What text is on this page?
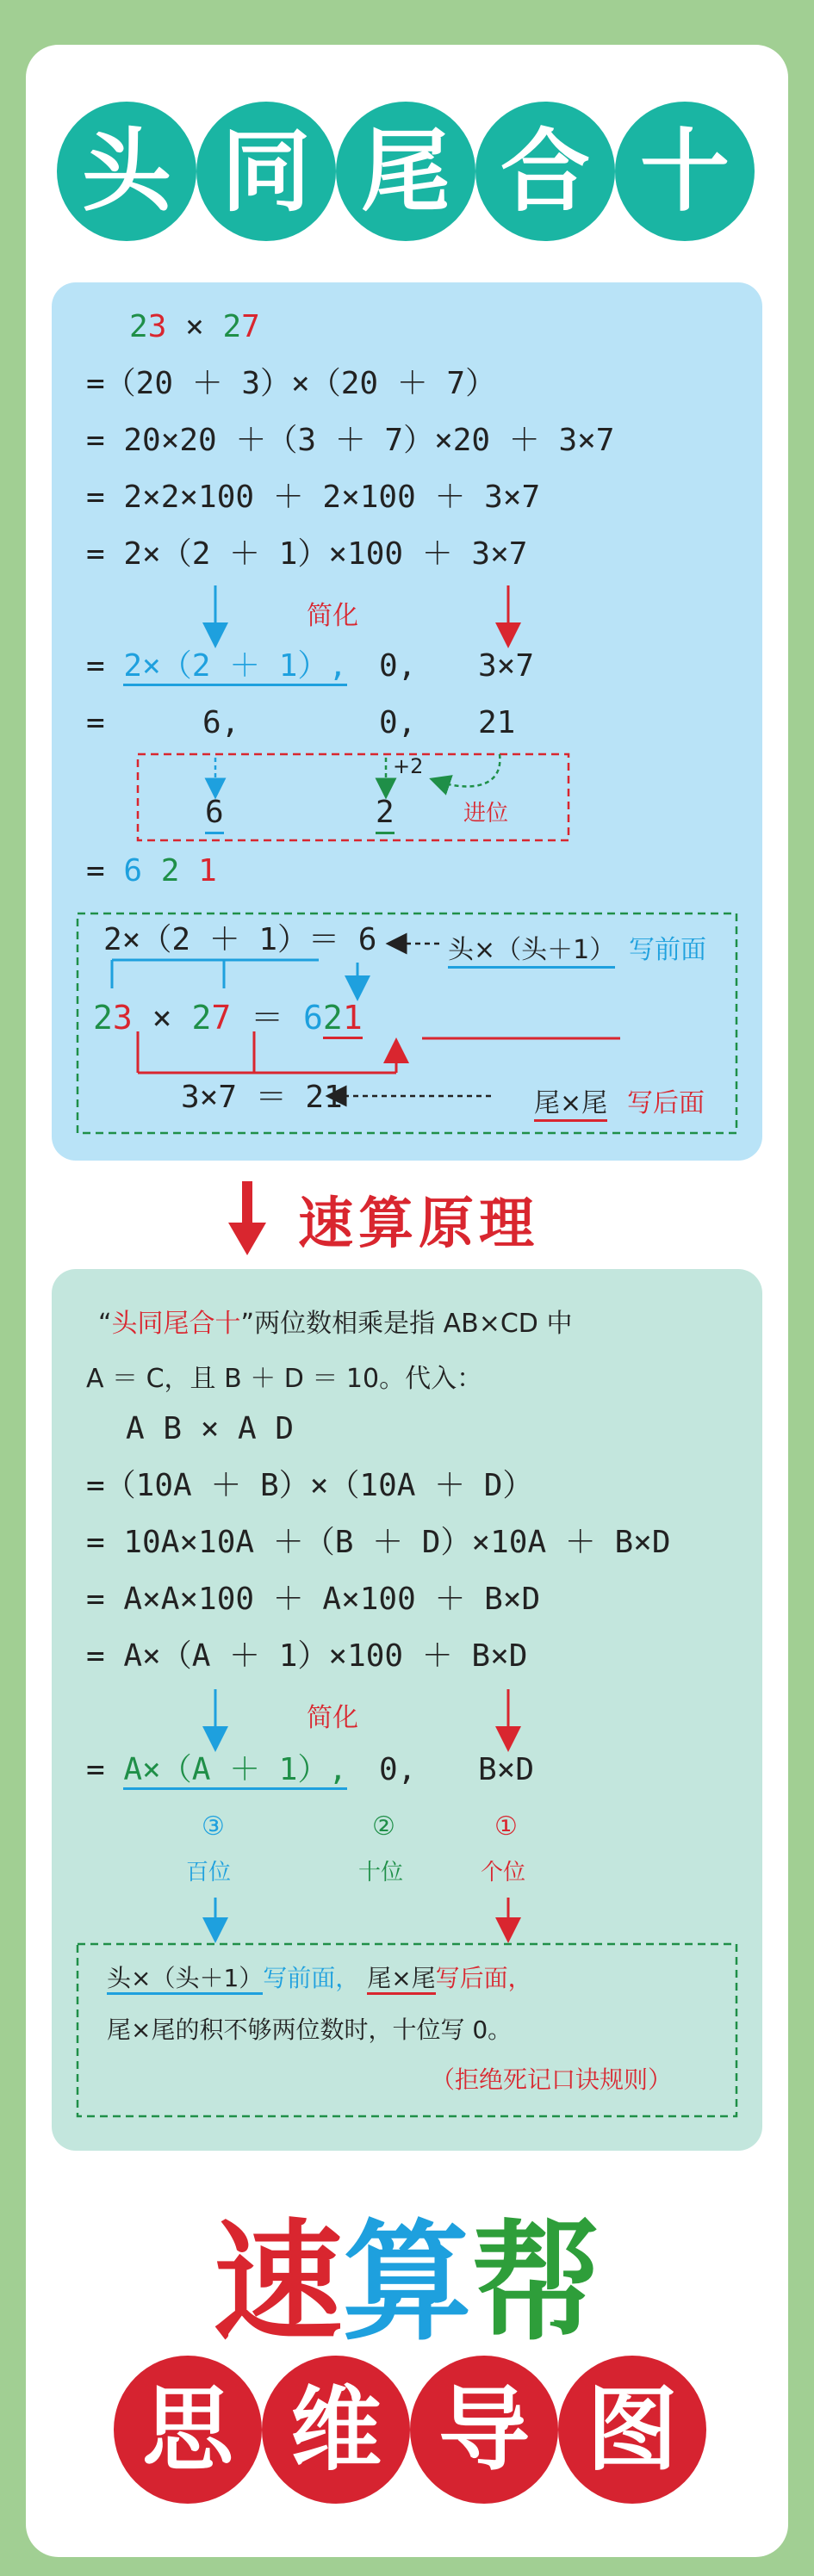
头 同 尾 合 十
23 × 27
=（20 ＋ 3）×（20 ＋ 7）
= 20×20 ＋（3 ＋ 7）×20 ＋ 3×7
= 2×2×100 ＋ 2×100 ＋ 3×7
= 2×（2 ＋ 1）×100 ＋ 3×7
简化
= 2×（2 ＋ 1）, 0, 3×7
=	6,	0, 21
6	2
+2
进位
= 6 2 1
2×（2 ＋ 1）＝ 6	头×（头＋1） 写前面
23 × 27 ＝ 621
3×7 ＝ 21	尾×尾 写后面
速算原理
“头同尾合十”两位数相乘是指 AB×CD 中
A ＝ C，且 B ＋ D ＝ 10。代入：
A B × A D
=（10A ＋ B）×（10A ＋ D）
= 10A×10A ＋（B ＋ D）×10A ＋ B×D
= A×A×100 ＋ A×100 ＋ B×D
= A×（A ＋ 1）×100 ＋ B×D
简化
= A×（A ＋ 1）, 0, B×D
③	②	①
百位	十位	个位
头×（头＋1）写前面， 尾×尾写后面，
尾×尾的积不够两位数时，十位写 0。
（拒绝死记口诀规则）
速算帮
思 维 导 图
